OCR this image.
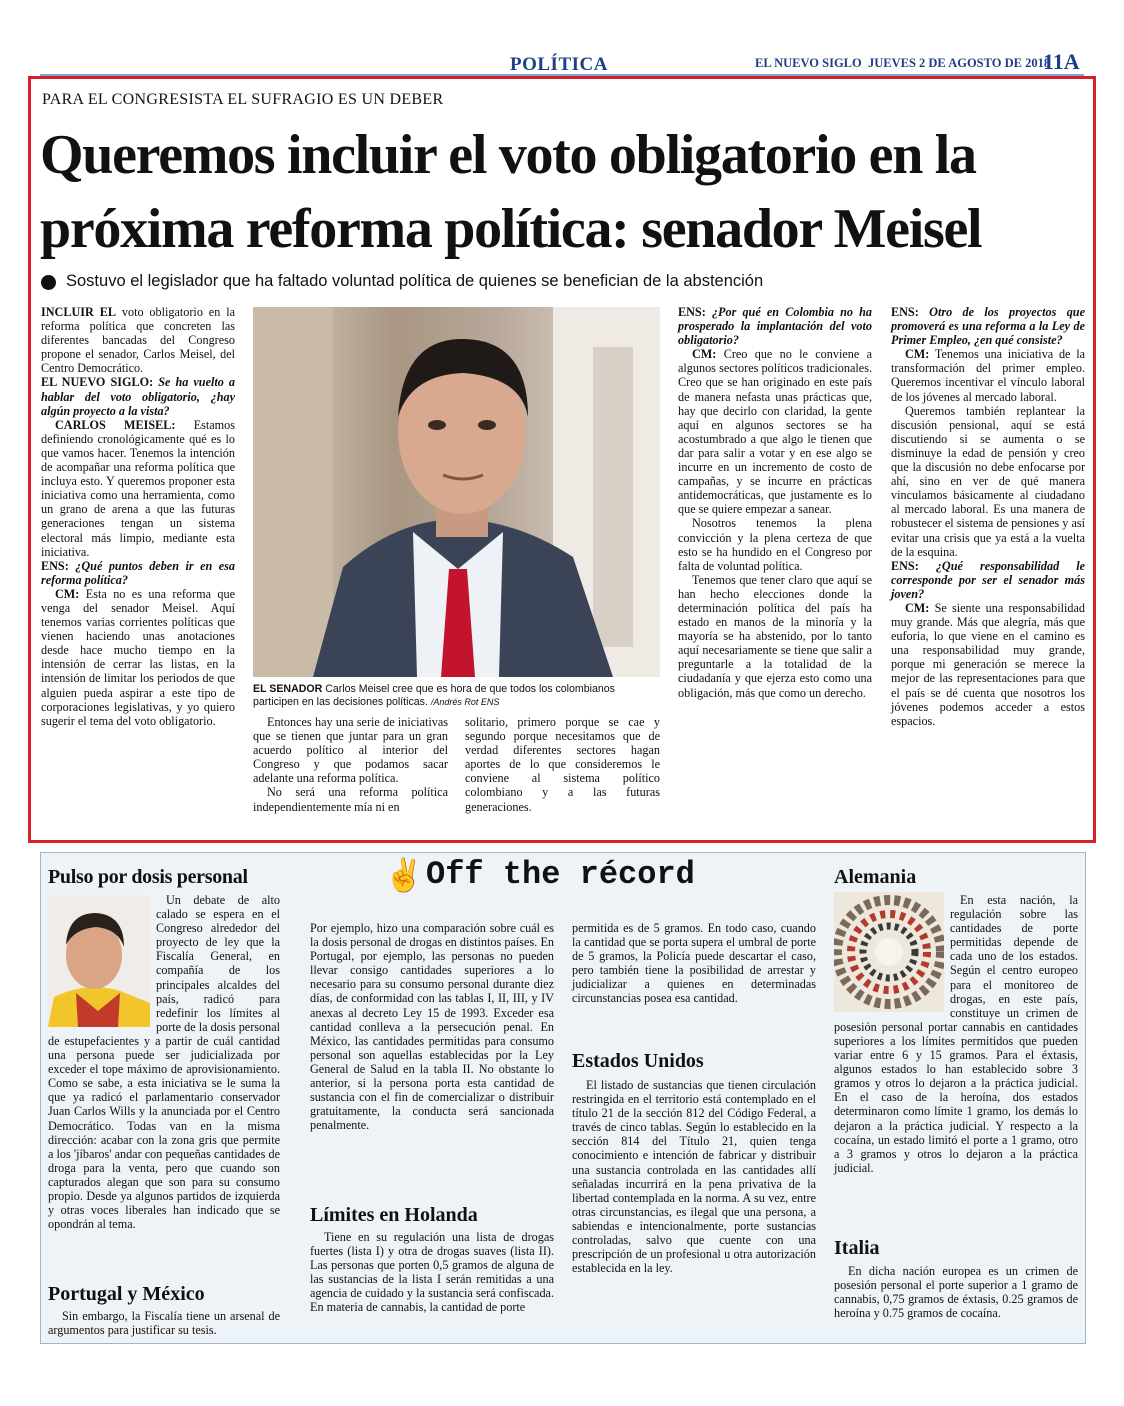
POLÍTICA	EL NUEVO SIGLO  JUEVES 2 DE AGOSTO DE 2018
11A
PARA EL CONGRESISTA EL SUFRAGIO ES UN DEBER
Queremos incluir el voto obligatorio en la
próxima reforma política: senador Meisel
Sostuvo el legislador que ha faltado voluntad política de quienes se benefician de la abstención

INCLUIR EL voto obligatorio en la reforma política que concreten las diferentes bancadas del Congreso propone el senador, Carlos Meisel, del Centro Democrático.

EL NUEVO SIGLO: Se ha vuelto a hablar del voto obligatorio, ¿hay algún proyecto a la vista?

CARLOS MEISEL: Estamos definiendo cronológicamente qué es lo que vamos hacer. Tenemos la intención de acompañar una reforma política que incluya esto. Y queremos proponer esta iniciativa como una herramienta, como un grano de arena a que las futuras generaciones tengan un sistema electoral más limpio, mediante esta iniciativa.

ENS: ¿Qué puntos deben ir en esa reforma política?

CM: Esta no es una reforma que venga del senador Meisel. Aquí tenemos varias corrientes políticas que vienen haciendo unas anotaciones desde hace mucho tiempo en la intensión de cerrar las listas, en la intensión de limitar los periodos de que alguien pueda aspirar a este tipo de corporaciones legislativas, y yo quiero sugerir el tema del voto obligatorio.

EL SENADOR Carlos Meisel cree que es hora de que todos los colombianos participen en las decisiones políticas. /Andrés Rot ENS

Entonces hay una serie de iniciativas que se tienen que juntar para un gran acuerdo político al interior del Congreso y que podamos sacar adelante una reforma política.

No será una reforma política independientemente mía ni en

solitario, primero porque se cae y segundo porque necesitamos que de verdad diferentes sectores hagan aportes de lo que consideremos le conviene al sistema político colombiano y a las futuras generaciones.

ENS: ¿Por qué en Colombia no ha prosperado la implantación del voto obligatorio?

CM: Creo que no le conviene a algunos sectores políticos tradicionales. Creo que se han originado en este país de manera nefasta unas prácticas que, hay que decirlo con claridad, la gente aquí en algunos sectores se ha acostumbrado a que algo le tienen que dar para salir a votar y en ese algo se incurre en un incremento de costo de campañas, y se incurre en prácticas antidemocráticas, que justamente es lo que se quiere empezar a sanear.

Nosotros tenemos la plena convicción y la plena certeza de que esto se ha hundido en el Congreso por falta de voluntad política.

Tenemos que tener claro que aquí se han hecho elecciones donde la determinación política del país ha estado en manos de la minoría y la mayoría se ha abstenido, por lo tanto aquí necesariamente se tiene que salir a preguntarle a la totalidad de la ciudadanía y que ejerza esto como una obligación, más que como un derecho.

ENS: Otro de los proyectos que promoverá es una reforma a la Ley de Primer Empleo, ¿en qué consiste?

CM: Tenemos una iniciativa de la transformación del primer empleo. Queremos incentivar el vínculo laboral de los jóvenes al mercado laboral.

Queremos también replantear la discusión pensional, aquí se está discutiendo si se aumenta o se disminuye la edad de pensión y creo que la discusión no debe enfocarse por ahí, sino en ver de qué manera vinculamos básicamente al ciudadano al mercado laboral. Es una manera de robustecer el sistema de pensiones y así evitar una crisis que ya está a la vuelta de la esquina.

ENS: ¿Qué responsabilidad le corresponde por ser el senador más joven?

CM: Se siente una responsabilidad muy grande. Más que alegría, más que euforia, lo que viene en el camino es una responsabilidad muy grande, porque mi generación se merece la mejor de las representaciones para que el país se dé cuenta que nosotros los jóvenes podemos acceder a estos espacios.

✌ Off the récord
Pulso por dosis personal

Un debate de alto calado se espera en el Congreso alrededor del proyecto de ley que la Fiscalía General, en compañía de los principales alcaldes del país, radicó para redefinir los límites al porte de la dosis personal de estupefacientes y a partir de cuál cantidad una persona puede ser judicializada por exceder el tope máximo de aprovisionamiento. Como se sabe, a esta iniciativa se le suma la que ya radicó el parlamentario conservador Juan Carlos Wills y la anunciada por el Centro Democrático. Todas van en la misma dirección: acabar con la zona gris que permite a los 'jíbaros' andar con pequeñas cantidades de droga para la venta, pero que cuando son capturados alegan que son para su consumo propio. Desde ya algunos partidos de izquierda y otras voces liberales han indicado que se opondrán al tema.

Portugal y México

Sin embargo, la Fiscalía tiene un arsenal de argumentos para justificar su tesis.

Por ejemplo, hizo una comparación sobre cuál es la dosis personal de drogas en distintos países. En Portugal, por ejemplo, las personas no pueden llevar consigo cantidades superiores a lo necesario para su consumo personal durante diez días, de conformidad con las tablas I, II, III, y IV anexas al decreto Ley 15 de 1993. Exceder esa cantidad conlleva a la persecución penal. En México, las cantidades permitidas para consumo personal son aquellas establecidas por la Ley General de Salud en la tabla II. No obstante lo anterior, si la persona porta esta cantidad de sustancia con el fin de comercializar o distribuir gratuitamente, la conducta será sancionada penalmente.

Límites en Holanda

Tiene en su regulación una lista de drogas fuertes (lista I) y otra de drogas suaves (lista II). Las personas que porten 0,5 gramos de alguna de las sustancias de la lista I serán remitidas a una agencia de cuidado y la sustancia será confiscada. En materia de cannabis, la cantidad de porte

permitida es de 5 gramos. En todo caso, cuando la cantidad que se porta supera el umbral de porte de 5 gramos, la Policía puede descartar el caso, pero también tiene la posibilidad de arrestar y judicializar a quienes en determinadas circunstancias posea esa cantidad.

Estados Unidos

El listado de sustancias que tienen circulación restringida en el territorio está contemplado en el título 21 de la sección 812 del Código Federal, a través de cinco tablas. Según lo establecido en la sección 814 del Título 21, quien tenga conocimiento e intención de fabricar y distribuir una sustancia controlada en las cantidades allí señaladas incurrirá en la pena privativa de la libertad contemplada en la norma. A su vez, entre otras circunstancias, es ilegal que una persona, a sabiendas e intencionalmente, porte sustancias controladas, salvo que cuente con una prescripción de un profesional u otra autorización establecida en la ley.

Alemania

En esta nación, la regulación sobre las cantidades de porte permitidas depende de cada uno de los estados. Según el centro europeo para el monitoreo de drogas, en este país, constituye un crimen de posesión personal portar cannabis en cantidades superiores a los límites permitidos que pueden variar entre 6 y 15 gramos. Para el éxtasis, algunos estados lo han establecido sobre 3 gramos y otros lo dejaron a la práctica judicial. En el caso de la heroína, dos estados determinaron como límite 1 gramo, los demás lo dejaron a la práctica judicial. Y respecto a la cocaína, un estado limitó el porte a 1 gramo, otro a 3 gramos y otros lo dejaron a la práctica judicial.

Italia

En dicha nación europea es un crimen de posesión personal el porte superior a 1 gramo de cannabis, 0,75 gramos de éxtasis, 0.25 gramos de heroína y 0.75 gramos de cocaína.
